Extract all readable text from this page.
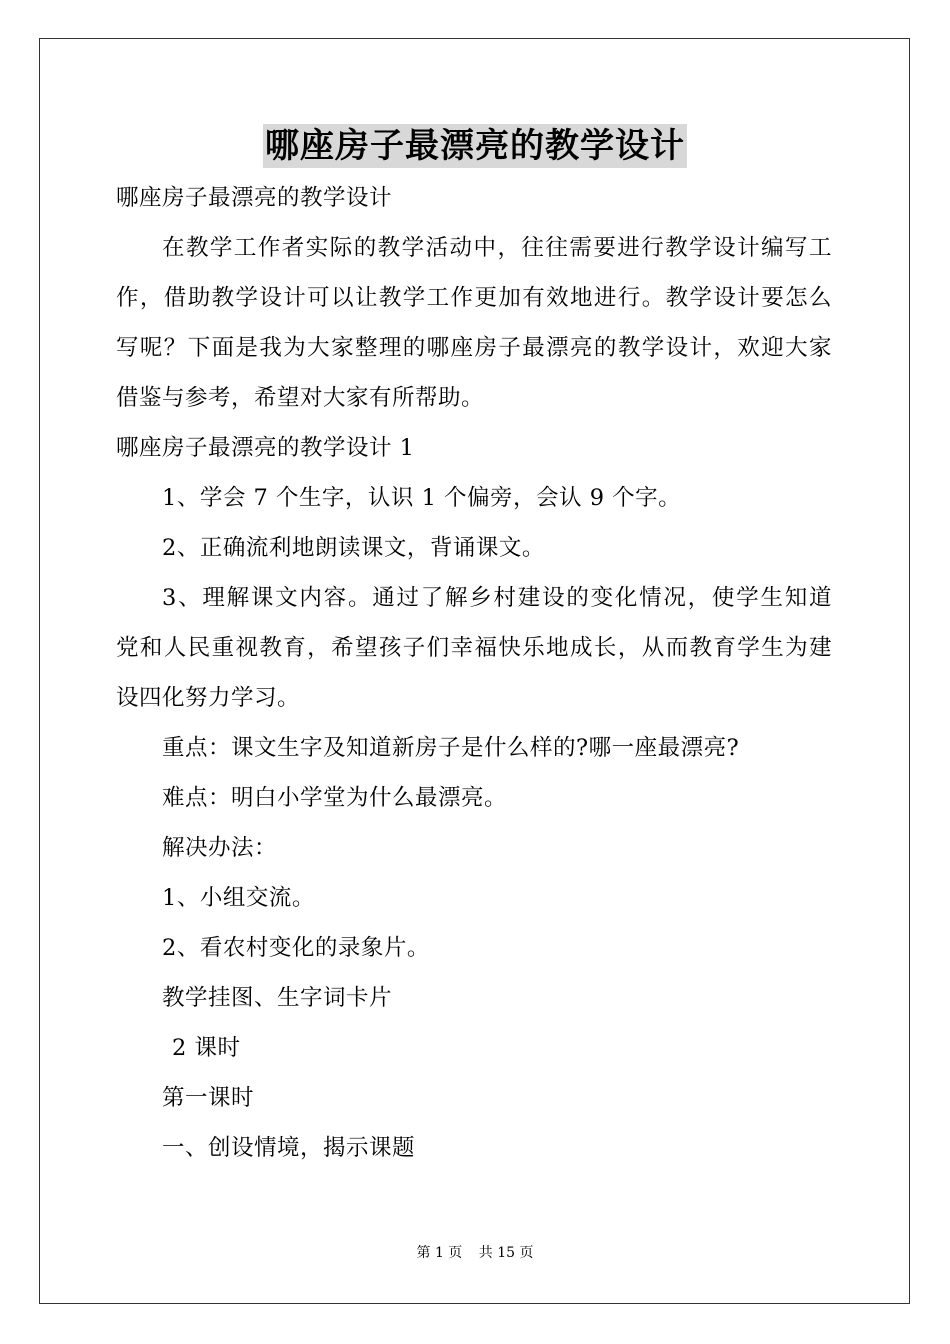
哪座房子最漂亮的教学设计
哪座房子最漂亮的教学设计
在教学工作者实际的教学活动中，往往需要进行教学设计编写工
作，借助教学设计可以让教学工作更加有效地进行。教学设计要怎么
写呢？下面是我为大家整理的哪座房子最漂亮的教学设计，欢迎大家
借鉴与参考，希望对大家有所帮助。
哪座房子最漂亮的教学设计 1
1、学会 7 个生字，认识 1 个偏旁，会认 9 个字。
2、正确流利地朗读课文，背诵课文。
3、理解课文内容。通过了解乡村建设的变化情况，使学生知道
党和人民重视教育，希望孩子们幸福快乐地成长，从而教育学生为建
设四化努力学习。
重点：课文生字及知道新房子是什么样的?哪一座最漂亮?
难点：明白小学堂为什么最漂亮。
解决办法：
1、小组交流。
2、看农村变化的录象片。
教学挂图、生字词卡片
2 课时
第一课时
一、创设情境，揭示课题
第 1 页 共 15 页
